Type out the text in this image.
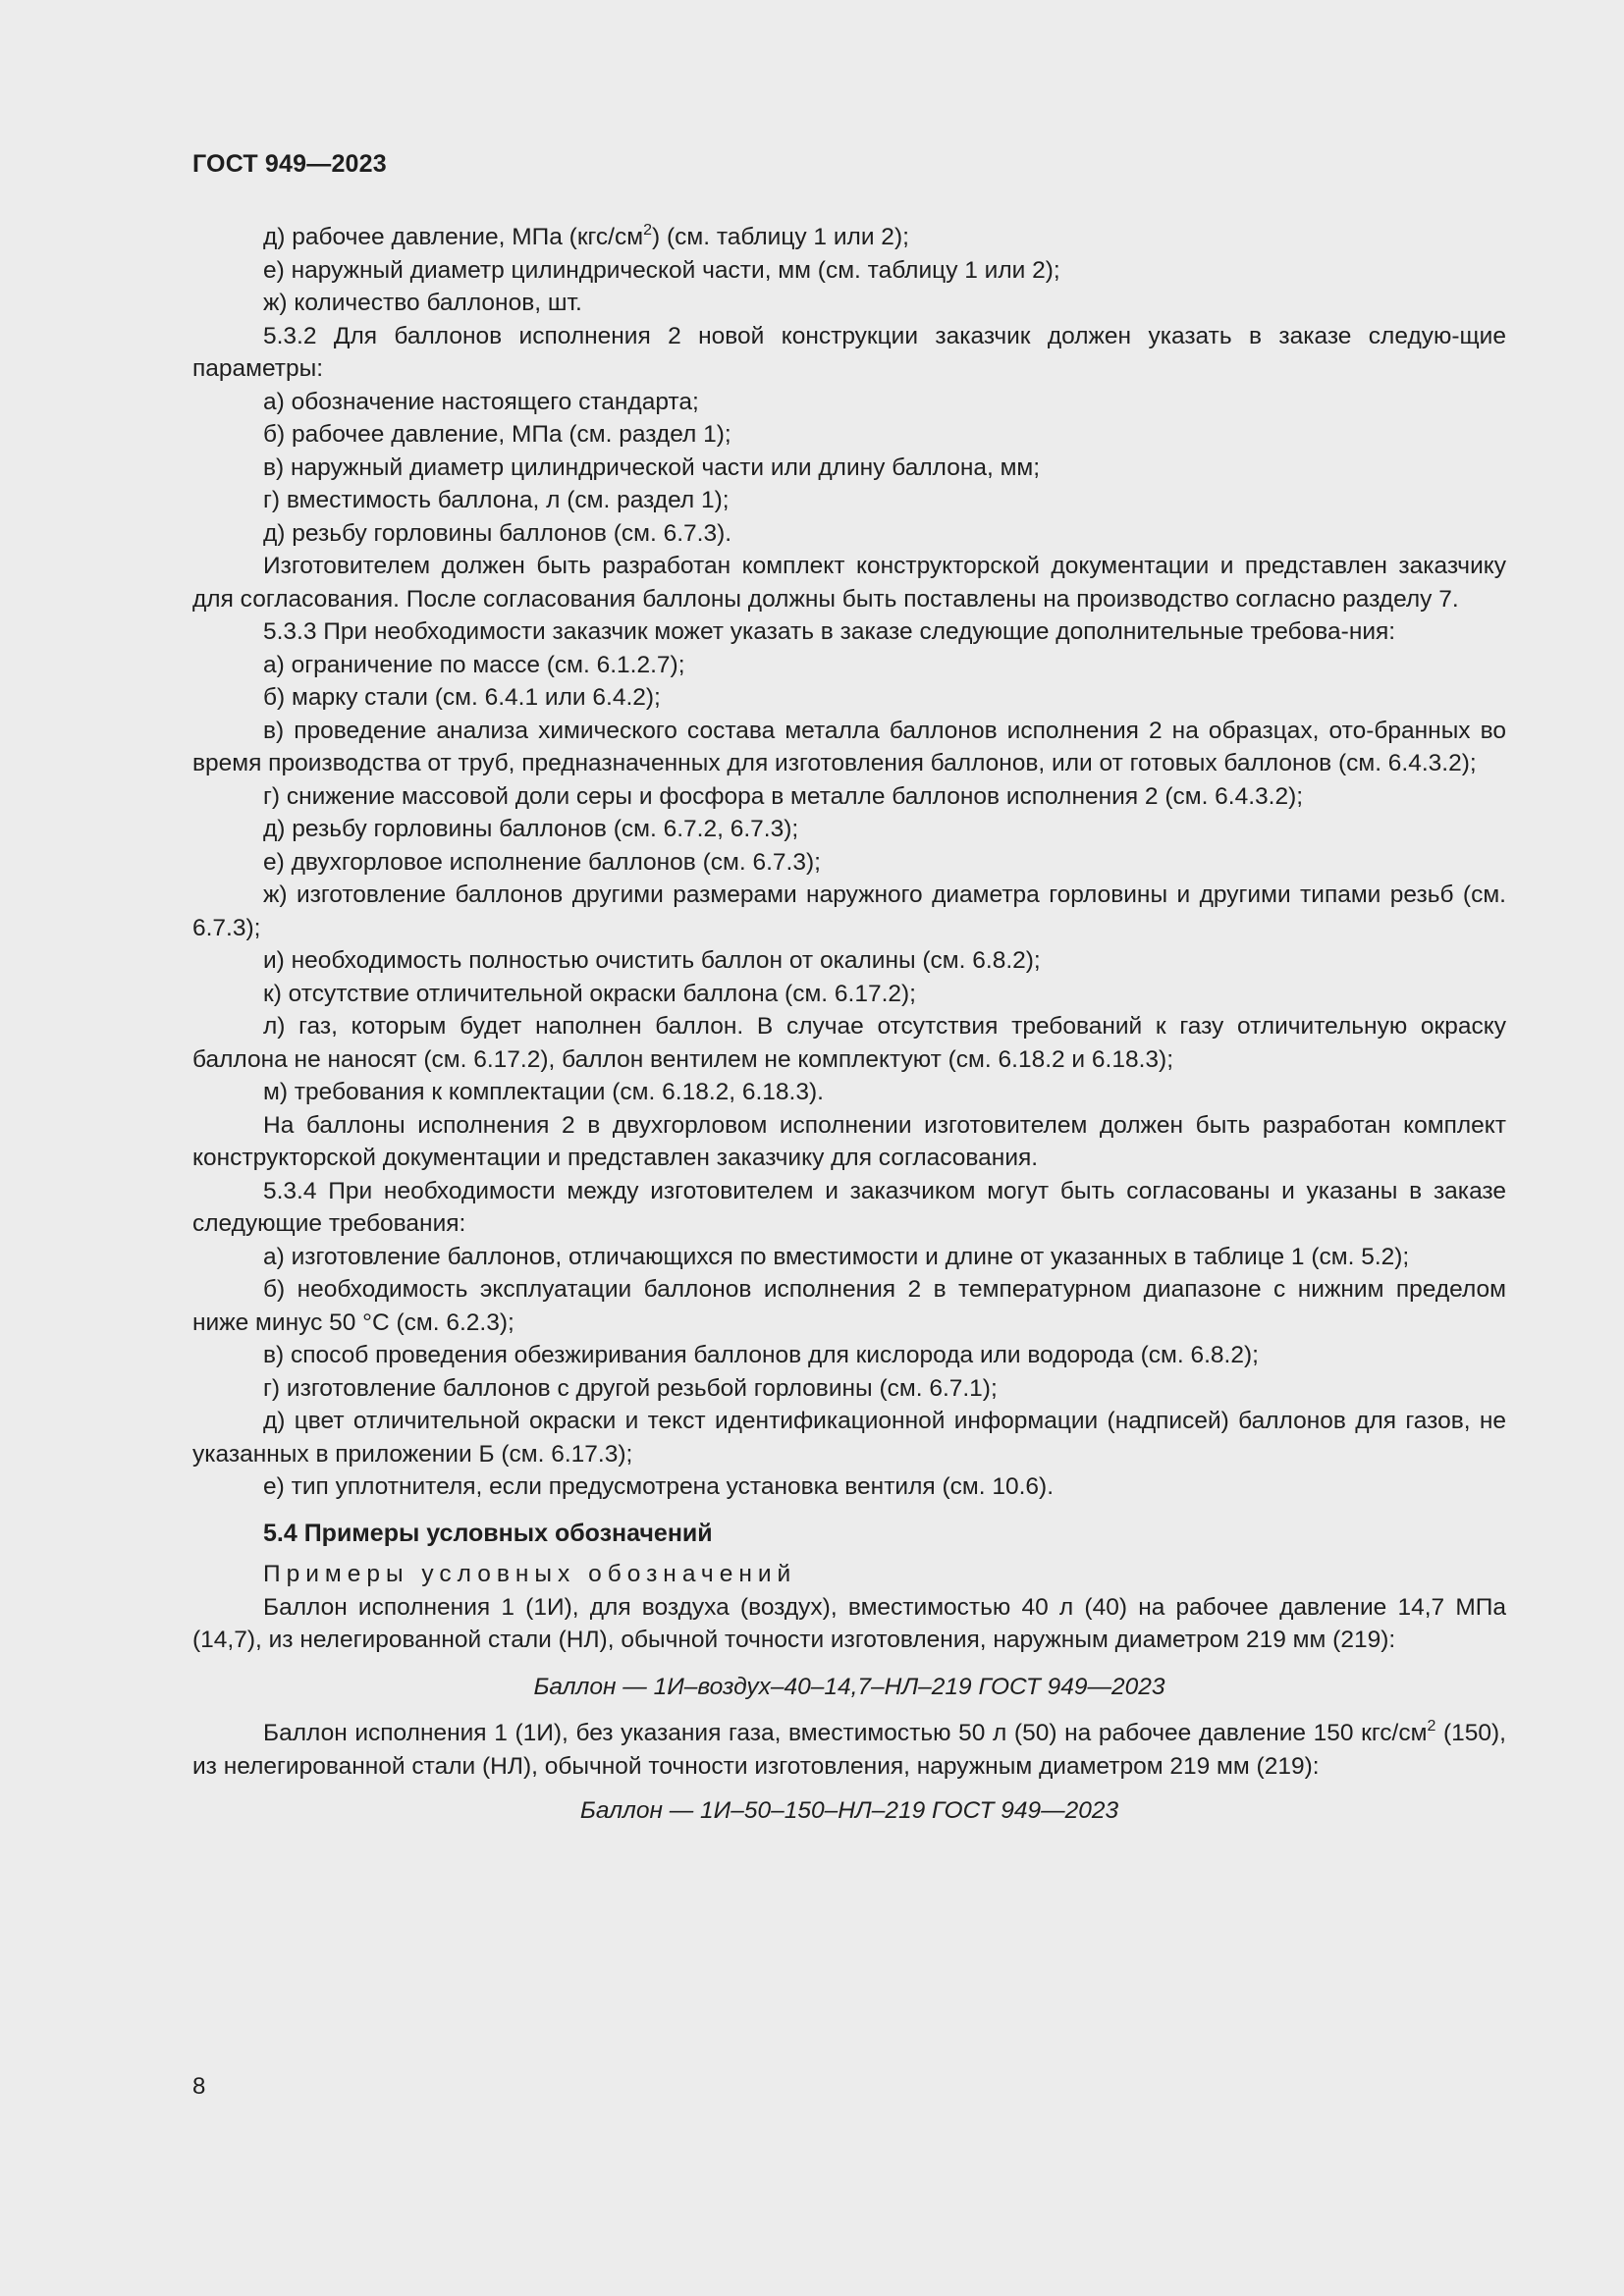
ГОСТ 949—2023

д) рабочее давление, МПа $(кгс/см^2)$ (см. таблицу 1 или 2);

е) наружный диаметр цилиндрической части, мм (см. таблицу 1 или 2);

ж) количество баллонов, шт.

5.3.2 Для баллонов исполнения 2 новой конструкции заказчик должен указать в заказе следую-щие параметры:

а) обозначение настоящего стандарта;

б) рабочее давление, МПа (см. раздел 1);

в) наружный диаметр цилиндрической части или длину баллона, мм;

г) вместимость баллона, л (см. раздел 1);

д) резьбу горловины баллонов (см. 6.7.3).

Изготовителем должен быть разработан комплект конструкторской документации и представлен заказчику для согласования. После согласования баллоны должны быть поставлены на производство согласно разделу 7.

5.3.3 При необходимости заказчик может указать в заказе следующие дополнительные требова-ния:

а) ограничение по массе (см. 6.1.2.7);

б) марку стали (см. 6.4.1 или 6.4.2);

в) проведение анализа химического состава металла баллонов исполнения 2 на образцах, ото-бранных во время производства от труб, предназначенных для изготовления баллонов, или от готовых баллонов (см. 6.4.3.2);

г) снижение массовой доли серы и фосфора в металле баллонов исполнения 2 (см. 6.4.3.2);

д) резьбу горловины баллонов (см. 6.7.2, 6.7.3);

е) двухгорловое исполнение баллонов (см. 6.7.3);

ж) изготовление баллонов другими размерами наружного диаметра горловины и другими типами резьб (см. 6.7.3);

и) необходимость полностью очистить баллон от окалины (см. 6.8.2);

к) отсутствие отличительной окраски баллона (см. 6.17.2);

л) газ, которым будет наполнен баллон. В случае отсутствия требований к газу отличительную окраску баллона не наносят (см. 6.17.2), баллон вентилем не комплектуют (см. 6.18.2 и 6.18.3);

м) требования к комплектации (см. 6.18.2, 6.18.3).

На баллоны исполнения 2 в двухгорловом исполнении изготовителем должен быть разработан комплект конструкторской документации и представлен заказчику для согласования.

5.3.4 При необходимости между изготовителем и заказчиком могут быть согласованы и указаны в заказе следующие требования:

а) изготовление баллонов, отличающихся по вместимости и длине от указанных в таблице 1 (см. 5.2);

б) необходимость эксплуатации баллонов исполнения 2 в температурном диапазоне с нижним пределом ниже минус 50 °С (см. 6.2.3);

в) способ проведения обезжиривания баллонов для кислорода или водорода (см. 6.8.2);

г) изготовление баллонов с другой резьбой горловины (см. 6.7.1);

д) цвет отличительной окраски и текст идентификационной информации (надписей) баллонов для газов, не указанных в приложении Б (см. 6.17.3);

е) тип уплотнителя, если предусмотрена установка вентиля (см. 10.6).

5.4 Примеры условных обозначений

Примеры условных обозначений

Баллон исполнения 1 (1И), для воздуха (воздух), вместимостью 40 л (40) на рабочее давление 14,7 МПа (14,7), из нелегированной стали (НЛ), обычной точности изготовления, наружным диаметром 219 мм (219):

Баллон — 1И–воздух–40–14,7–НЛ–219 ГОСТ 949—2023

Баллон исполнения 1 (1И), без указания газа, вместимостью 50 л (50) на рабочее давление 150 кгс/$см^2$ (150), из нелегированной стали (НЛ), обычной точности изготовления, наружным диаметром 219 мм (219):

Баллон — 1И–50–150–НЛ–219 ГОСТ 949—2023
8
